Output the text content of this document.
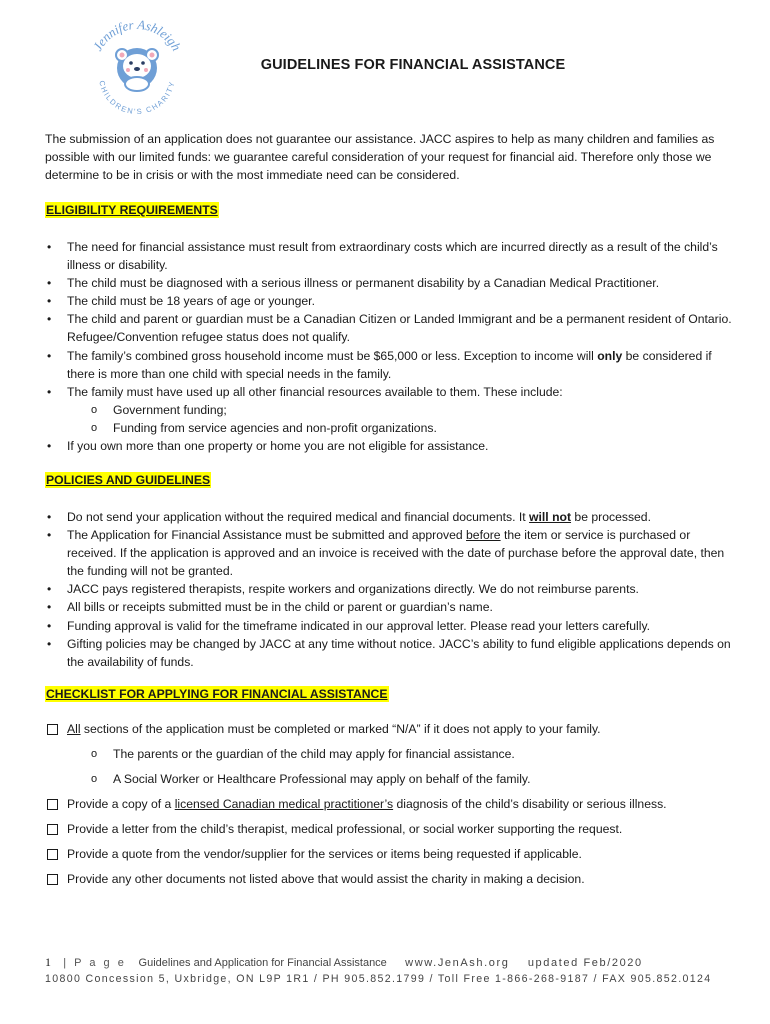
Jennifer Ashleigh
CHILDREN'S CHARITY
GUIDELINES FOR FINANCIAL ASSISTANCE
The submission of an application does not guarantee our assistance. JACC aspires to help as many children and families as possible with our limited funds: we guarantee careful consideration of your request for financial aid. Therefore only those we determine to be in crisis or with the most immediate need can be considered.
ELIGIBILITY REQUIREMENTS
• The need for financial assistance must result from extraordinary costs which are incurred directly as a result of the child’s illness or disability.
• The child must be diagnosed with a serious illness or permanent disability by a Canadian Medical Practitioner.
• The child must be 18 years of age or younger.
• The child and parent or guardian must be a Canadian Citizen or Landed Immigrant and be a permanent resident of Ontario. Refugee/Convention refugee status does not qualify.
• The family’s combined gross household income must be $65,000 or less. Exception to income will only be considered if there is more than one child with special needs in the family.
• The family must have used up all other financial resources available to them. These include:
o Government funding;
o Funding from service agencies and non-profit organizations.
• If you own more than one property or home you are not eligible for assistance.
POLICIES AND GUIDELINES
• Do not send your application without the required medical and financial documents. It will not be processed.
• The Application for Financial Assistance must be submitted and approved before the item or service is purchased or received. If the application is approved and an invoice is received with the date of purchase before the approval date, then the funding will not be granted.
• JACC pays registered therapists, respite workers and organizations directly. We do not reimburse parents.
• All bills or receipts submitted must be in the child or parent or guardian’s name.
• Funding approval is valid for the timeframe indicated in our approval letter. Please read your letters carefully.
• Gifting policies may be changed by JACC at any time without notice. JACC’s ability to fund eligible applications depends on the availability of funds.
CHECKLIST FOR APPLYING FOR FINANCIAL ASSISTANCE
All sections of the application must be completed or marked “N/A” if it does not apply to your family.
o The parents or the guardian of the child may apply for financial assistance.
o A Social Worker or Healthcare Professional may apply on behalf of the family.
Provide a copy of a licensed Canadian medical practitioner’s diagnosis of the child’s disability or serious illness.
Provide a letter from the child’s therapist, medical professional, or social worker supporting the request.
Provide a quote from the vendor/supplier for the services or items being requested if applicable.
Provide any other documents not listed above that would assist the charity in making a decision.
1 | P a g e Guidelines and Application for Financial Assistance www.JenAsh.org updated Feb/2020
10800 Concession 5, Uxbridge, ON L9P 1R1 / PH 905.852.1799 / Toll Free 1-866-268-9187 / FAX 905.852.0124
